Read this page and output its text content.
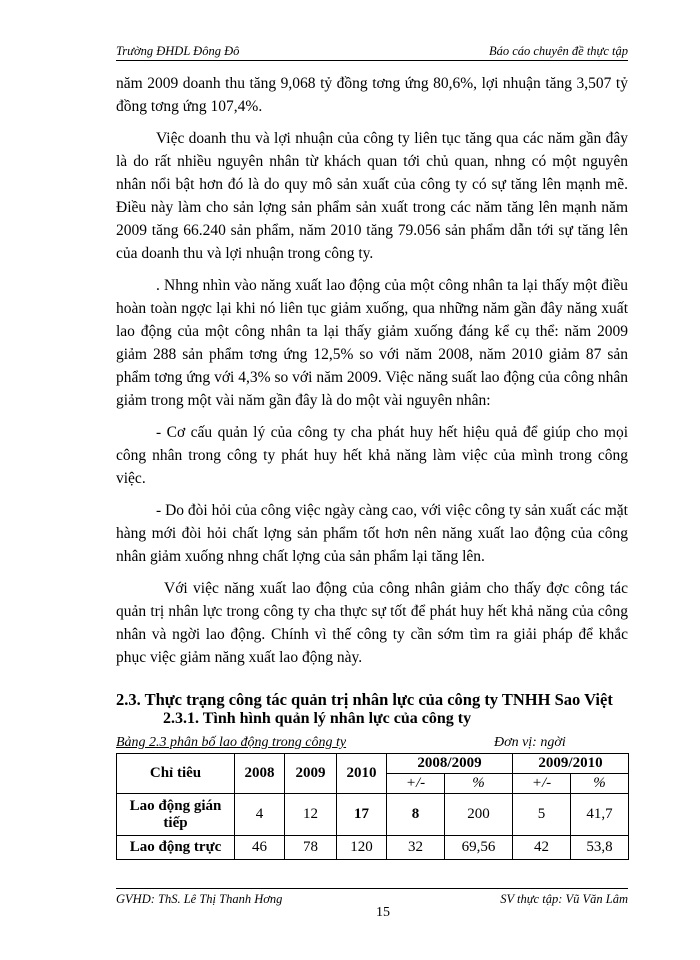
Trường ĐHDL Đông Đô	Báo cáo chuyên đề thực tập

năm 2009 doanh thu tăng 9,068 tỷ đồng tơng ứng 80,6%, lợi nhuận tăng 3,507 tỷ đồng tơng ứng 107,4%.

Việc doanh thu và lợi nhuận của công ty liên tục tăng qua các năm gần đây là do rất nhiều nguyên nhân từ khách quan tới chủ quan, nhng có một nguyên nhân nổi bật hơn đó là do quy mô sản xuất của công ty có sự tăng lên mạnh mẽ. Điều này làm cho sản lợng sản phẩm sản xuất trong các năm tăng lên mạnh năm 2009 tăng 66.240 sản phẩm, năm 2010 tăng 79.056 sản phẩm dẫn tới sự tăng lên của doanh thu và lợi nhuận trong công ty.

. Nhng nhìn vào năng xuất lao động của một công nhân ta lại thấy một điều hoàn toàn ngợc lại khi nó liên tục giảm xuống, qua những năm gần đây năng xuất lao động của một công nhân ta lại thấy giảm xuống đáng kể cụ thể: năm 2009 giảm 288 sản phẩm tơng ứng 12,5% so với năm 2008, năm 2010 giảm 87 sản phẩm tơng ứng với 4,3% so với năm 2009. Việc năng suất lao động của công nhân giảm trong một vài năm gần đây là do một vài nguyên nhân:

- Cơ cấu quản lý của công ty cha phát huy hết hiệu quả để giúp cho mọi công nhân trong công ty phát huy hết khả năng làm việc của mình trong công việc.

- Do đòi hỏi của công việc ngày càng cao, với việc công ty sản xuất các mặt hàng mới đòi hỏi chất lợng sản phẩm tốt hơn nên năng xuất lao động của công nhân giảm xuống nhng chất lợng của sản phẩm lại tăng lên.

Với việc năng xuất lao động của công nhân giảm cho thấy đợc công tác quản trị nhân lực trong công ty cha thực sự tốt để phát huy hết khả năng của công nhân và ngời lao động. Chính vì thế công ty cần sớm tìm ra giải pháp để khắc phục việc giảm năng xuất lao động này.

2.3. Thực trạng công tác quản trị nhân lực của công ty TNHH Sao Việt
2.3.1. Tình hình quản lý nhân lực của công ty
Bảng 2.3 phân bố lao động trong công ty	Đơn vị: ngời
Chỉ tiêu	2008	2009	2010	2008/2009		2009/2010	
				+/-	%	+/-	%
Lao động gián tiếp	4	12	17	8	200	5	41,7
Lao động trực	46	78	120	32	69,56	42	53,8
GVHD: ThS. Lê Thị Thanh Hơng	SV thực tập: Vũ Văn Lâm
15
